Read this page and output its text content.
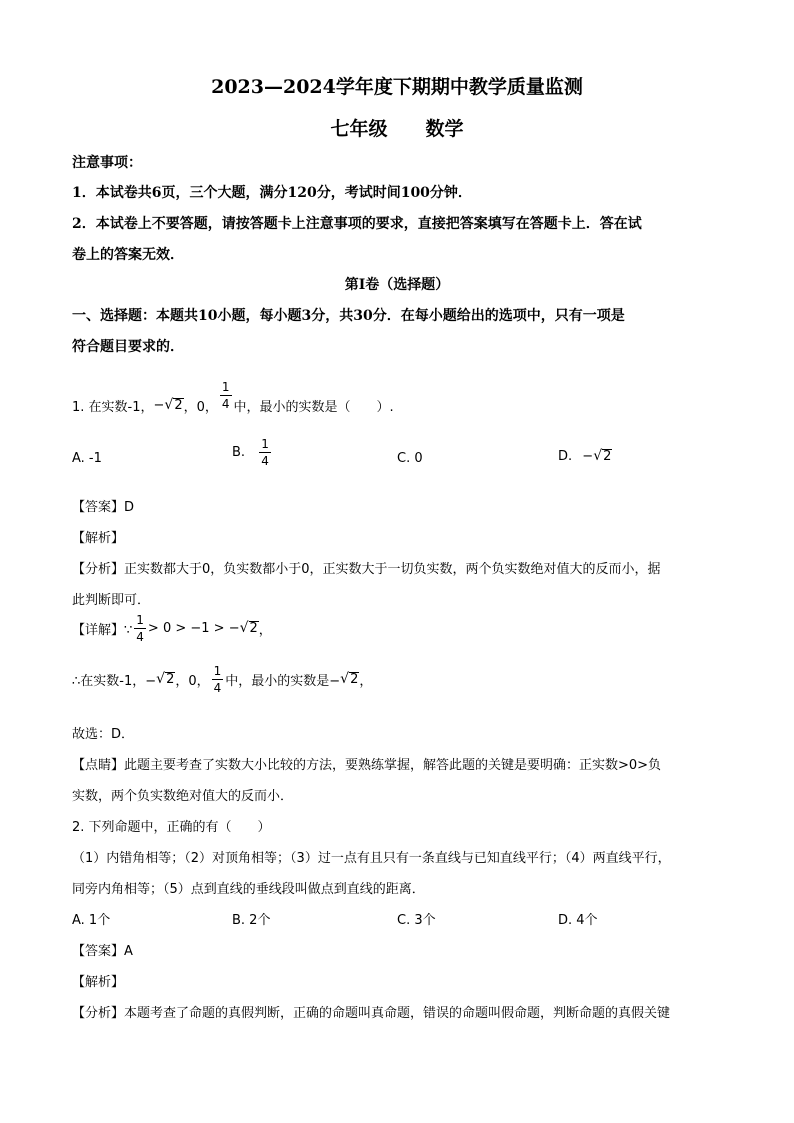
2023—2024学年度下期期中教学质量监测
七年级　　数学
注意事项：
1．本试卷共6页，三个大题，满分120分，考试时间100分钟．
2．本试卷上不要答题，请按答题卡上注意事项的要求，直接把答案填写在答题卡上．答在试
卷上的答案无效．
第Ⅰ卷（选择题）
一、选择题：本题共10小题，每小题3分，共30分．在每小题给出的选项中，只有一项是
符合题目要求的．
1. 在实数-1，−√2，0， $\frac{1}{4}$ 中，最小的实数是（　　）.
A. -1	B. $\frac{1}{4}$	C. 0	D. −√2
【答案】D
【解析】
【分析】正实数都大于0，负实数都小于0，正实数大于一切负实数，两个负实数绝对值大的反而小，据
此判断即可．
【详解】∵ $\frac{1}{4} > 0 > -1 > -√2$，
∴在实数-1，−√2，0， $\frac{1}{4}$ 中，最小的实数是−√2，
故选：D．
【点睛】此题主要考查了实数大小比较的方法，要熟练掌握，解答此题的关键是要明确：正实数>0>负
实数，两个负实数绝对值大的反而小．
2. 下列命题中，正确的有（　　）
（1）内错角相等；（2）对顶角相等；（3）过一点有且只有一条直线与已知直线平行；（4）两直线平行，
同旁内角相等；（5）点到直线的垂线段叫做点到直线的距离．
A. 1个	B. 2个	C. 3个	D. 4个
【答案】A
【解析】
【分析】本题考查了命题的真假判断，正确的命题叫真命题，错误的命题叫假命题，判断命题的真假关键
